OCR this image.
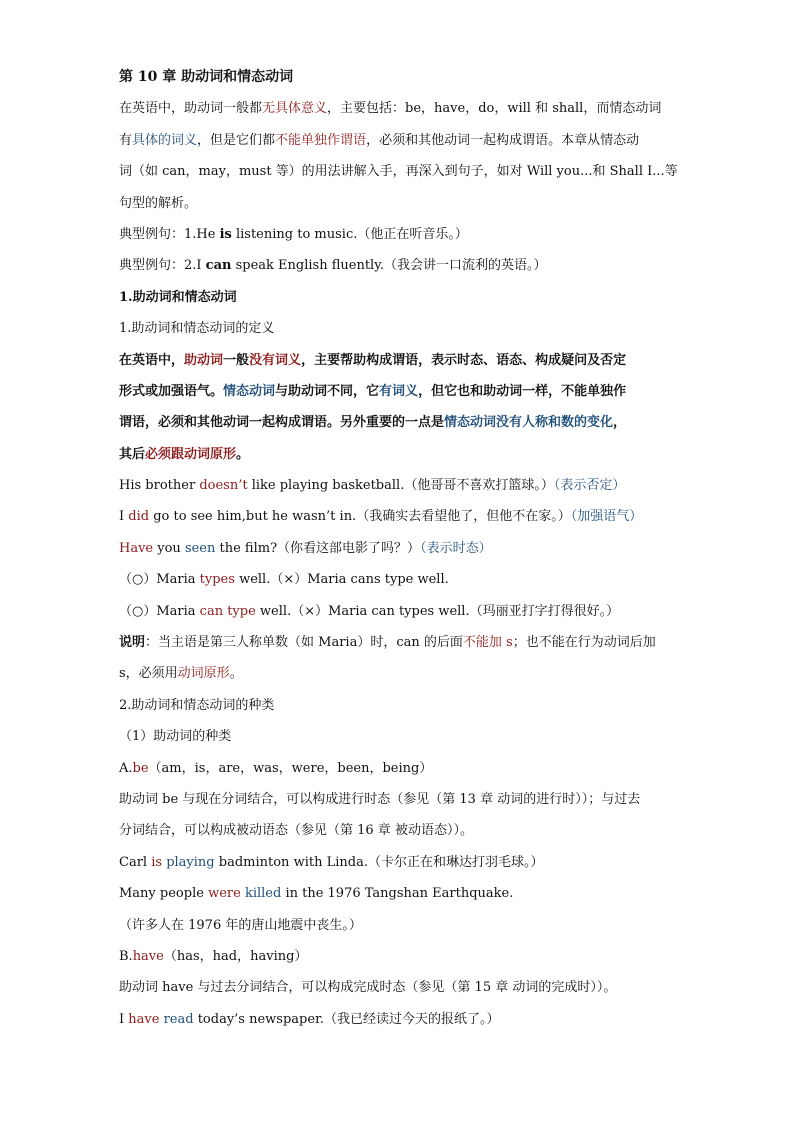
第 10 章 助动词和情态动词
在英语中，助动词一般都无具体意义，主要包括：be，have，do，will 和 shall，而情态动词
有具体的词义，但是它们都不能单独作谓语，必须和其他动词一起构成谓语。本章从情态动
词（如 can，may，must 等）的用法讲解入手，再深入到句子，如对 Will you...和 Shall I...等
句型的解析。
典型例句：1.He is listening to music.（他正在听音乐。）
典型例句：2.I can speak English fluently.（我会讲一口流利的英语。）
1.助动词和情态动词
1.助动词和情态动词的定义
在英语中，助动词一般没有词义，主要帮助构成谓语，表示时态、语态、构成疑问及否定
形式或加强语气。情态动词与助动词不同，它有词义，但它也和助动词一样，不能单独作
谓语，必须和其他动词一起构成谓语。另外重要的一点是情态动词没有人称和数的变化，
其后必须跟动词原形。
His brother doesn’t like playing basketball.（他哥哥不喜欢打篮球。）（表示否定）
I did go to see him,but he wasn’t in.（我确实去看望他了，但他不在家。）（加强语气）
Have you seen the film?（你看这部电影了吗？）（表示时态）
（○）Maria types well.（×）Maria cans type well.
（○）Maria can type well.（×）Maria can types well.（玛丽亚打字打得很好。）
说明：当主语是第三人称单数（如 Maria）时，can 的后面不能加 s；也不能在行为动词后加
s，必须用动词原形。
2.助动词和情态动词的种类
（1）助动词的种类
A.be（am，is，are，was，were，been，being）
助动词 be 与现在分词结合，可以构成进行时态（参见（第 13 章 动词的进行时））；与过去
分词结合，可以构成被动语态（参见（第 16 章 被动语态））。
Carl is playing badminton with Linda.（卡尔正在和琳达打羽毛球。）
Many people were killed in the 1976 Tangshan Earthquake.
（许多人在 1976 年的唐山地震中丧生。）
B.have（has，had，having）
助动词 have 与过去分词结合，可以构成完成时态（参见（第 15 章 动词的完成时））。
I have read today’s newspaper.（我已经读过今天的报纸了。）
